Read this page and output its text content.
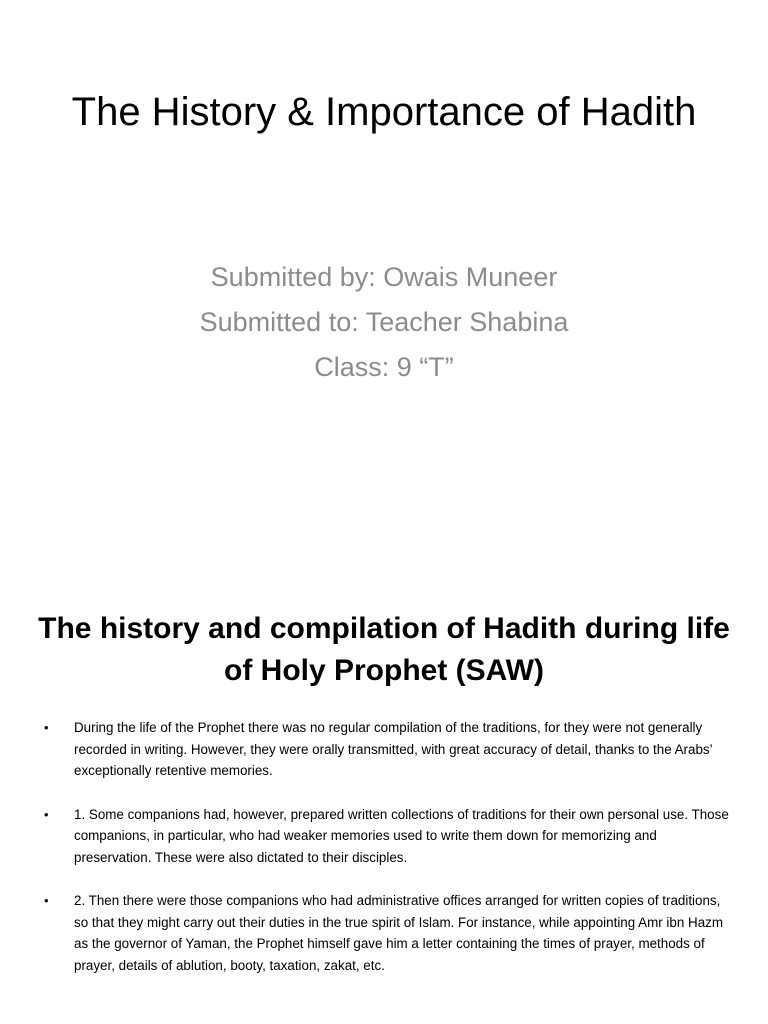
The History & Importance of Hadith
Submitted by: Owais Muneer
Submitted to: Teacher Shabina
Class: 9 “T”
The history and compilation of Hadith during life of Holy Prophet (SAW)
• During the life of the Prophet there was no regular compilation of the traditions, for they were not generally recorded in writing. However, they were orally transmitted, with great accuracy of detail, thanks to the Arabs’ exceptionally retentive memories.
• 1. Some companions had, however, prepared written collections of traditions for their own personal use. Those companions, in particular, who had weaker memories used to write them down for memorizing and preservation. These were also dictated to their disciples.
• 2. Then there were those companions who had administrative offices arranged for written copies of traditions, so that they might carry out their duties in the true spirit of Islam. For instance, while appointing Amr ibn Hazm as the governor of Yaman, the Prophet himself gave him a letter containing the times of prayer, methods of prayer, details of ablution, booty, taxation, zakat, etc.
